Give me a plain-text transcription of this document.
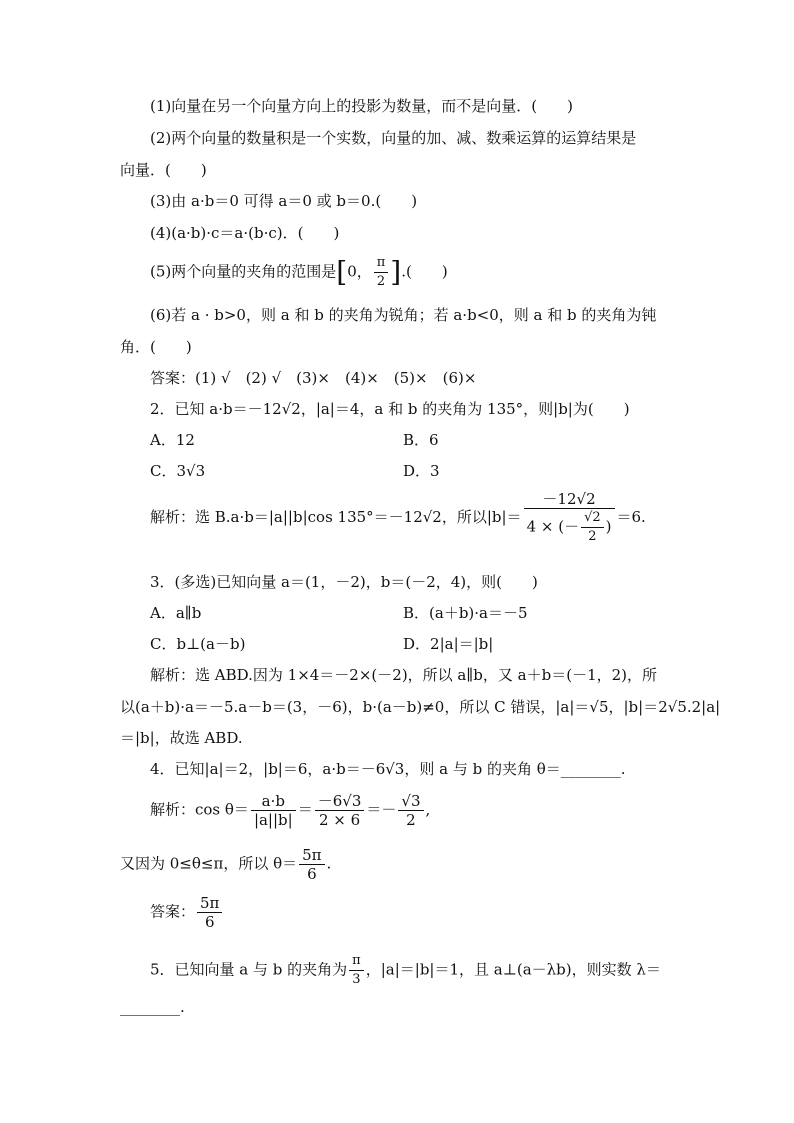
(1)向量在另一个向量方向上的投影为数量，而不是向量．(　　)
(2)两个向量的数量积是一个实数，向量的加、减、数乘运算的运算结果是
向量．(　　)
(3)由 a·b＝0 可得 a＝0 或 b＝0.(　　)
(4)(a·b)·c＝a·(b·c)．(　　)
(5)两个向量的夹角的范围是[0， $\frac{\pi}{2}$ ].(　　)
(6)若 a · b>0，则 a 和 b 的夹角为锐角；若 a·b<0，则 a 和 b 的夹角为钝
角．(　　)
答案：(1) √　(2) √　(3)×　(4)×　(5)×　(6)×
2．已知 a·b＝－12√2，|a|＝4，a 和 b 的夹角为 135°，则|b|为(　　)
A．12	B．6
C．3√3	D．3
解析：选 B.a·b＝|a||b|cos 135°＝－12√2，所以$|b|= \frac{-12√2}{4 \times (- \frac{√2}{2} )} =6$.
3．(多选)已知向量 a＝(1，－2)，b＝(－2，4)，则(　　)
A．a∥b	B．(a＋b)·a＝－5
C．b⊥(a－b)	D．2|a|＝|b|
解析：选 ABD.因为 1×4＝－2×(－2)，所以 a∥b，又 a＋b＝(－1，2)，所
以(a＋b)·a＝－5.a－b＝(3，－6)，b·(a－b)≠0，所以 C 错误，|a|＝√5，|b|＝2√5.2|a|
＝|b|，故选 ABD.
4．已知|a|＝2，|b|＝6，a·b＝－6√3，则 a 与 b 的夹角 θ＝________.
解析：$\cos \theta= \frac{a\cdot b}{|a||b|} = \frac{-6√3}{2 \times 6} =- \frac{√3}{2}$ ,
又因为 0≤θ≤π，所以 $\theta= \frac{5\pi}{6}$ .
答案： $\frac{5\pi}{6}$
5．已知向量 a 与 b 的夹角为 $\frac{\pi}{3}$ ，|a|＝|b|＝1，且 a⊥(a－λb)，则实数 λ＝
________.
